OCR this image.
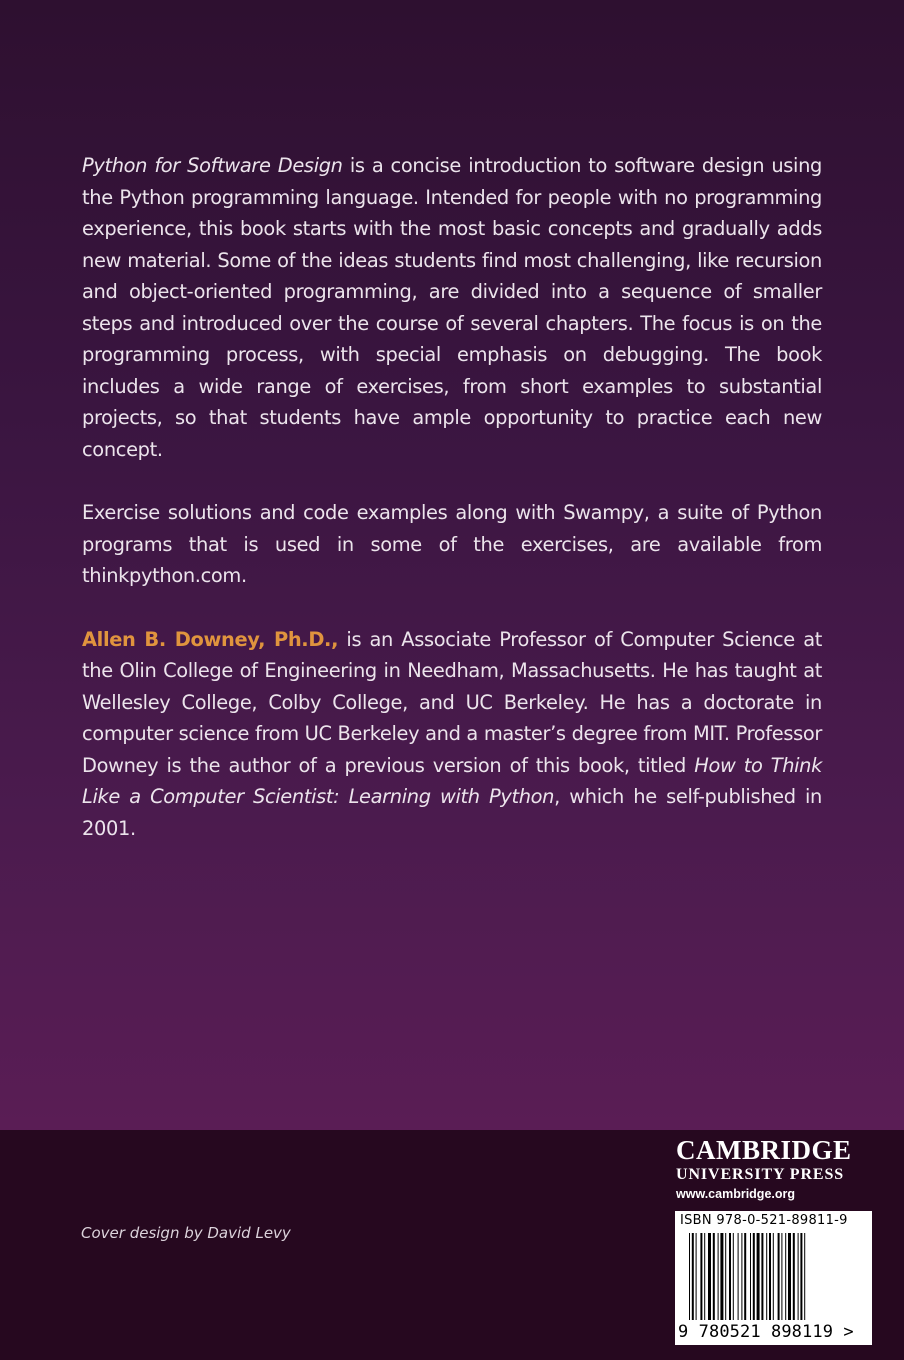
Python for Software Design is a concise introduction to software design using the Python programming language. Intended for people with no programming experience, this book starts with the most basic concepts and gradually adds new material. Some of the ideas students find most challenging, like recursion and object-oriented programming, are divided into a sequence of smaller steps and introduced over the course of several chapters. The focus is on the programming process, with special emphasis on debugging. The book includes a wide range of exercises, from short examples to substantial projects, so that students have ample opportunity to practice each new concept.

Exercise solutions and code examples along with Swampy, a suite of Python programs that is used in some of the exercises, are available from thinkpython.com.

Allen B. Downey, Ph.D., is an Associate Professor of Computer Science at the Olin College of Engineering in Needham, Massachusetts. He has taught at Wellesley College, Colby College, and UC Berkeley. He has a doctorate in computer science from UC Berkeley and a master’s degree from MIT. Professor Downey is the author of a previous version of this book, titled How to Think Like a Computer Scientist: Learning with Python, which he self-published in 2001.

Cover design by David Levy
CAMBRIDGE
UNIVERSITY PRESS
www.cambridge.org
ISBN 978-0-521-89811-9
9 780521 898119 >
